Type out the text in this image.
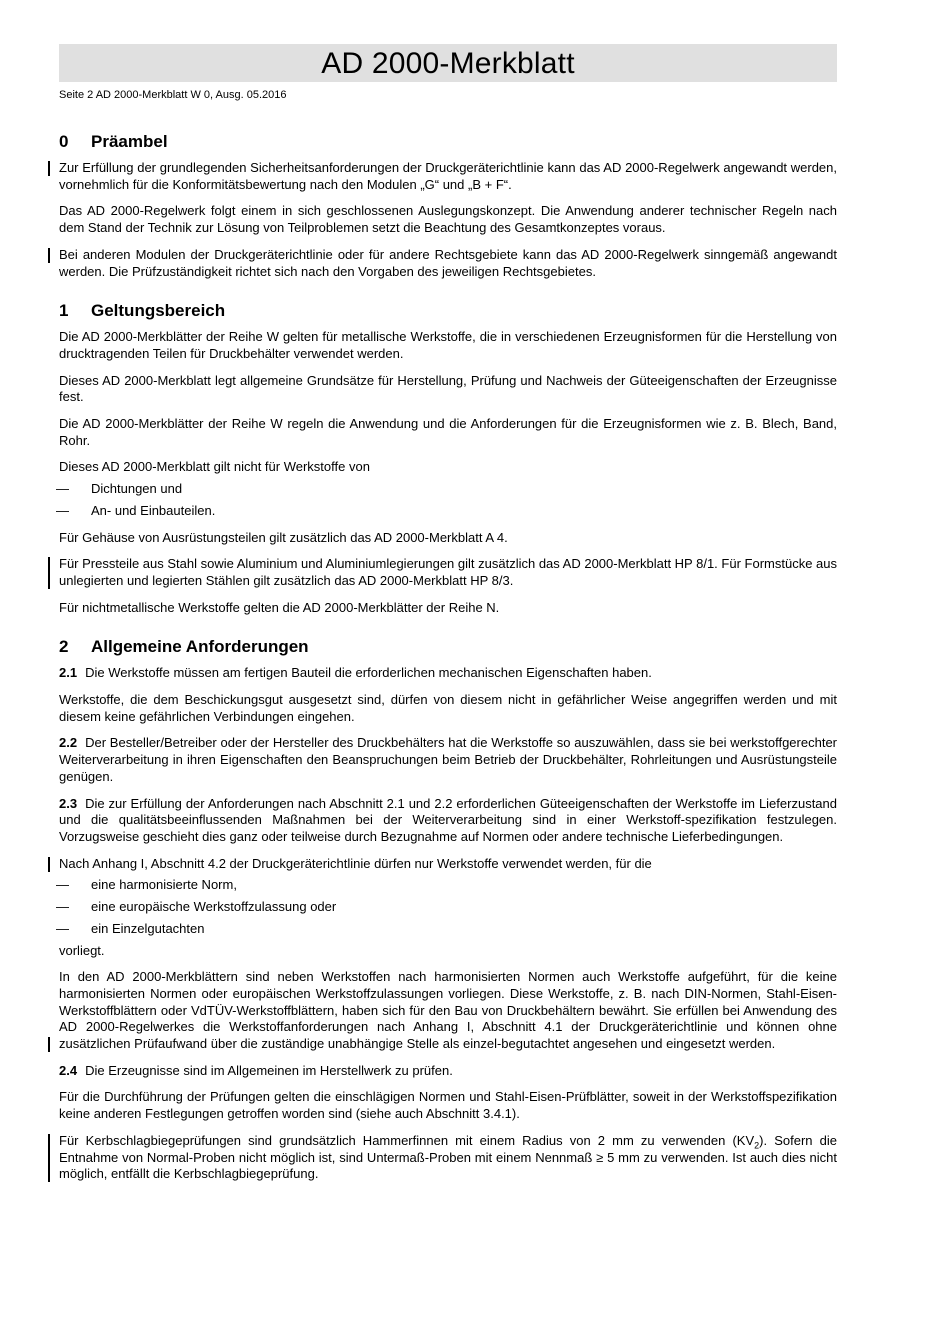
AD 2000-Merkblatt
Seite 2 AD 2000-Merkblatt W 0, Ausg. 05.2016
0 Präambel

Zur Erfüllung der grundlegenden Sicherheitsanforderungen der Druckgeräterichtlinie kann das AD 2000-Regelwerk angewandt werden, vornehmlich für die Konformitätsbewertung nach den Modulen „G“ und „B + F“.

Das AD 2000-Regelwerk folgt einem in sich geschlossenen Auslegungskonzept. Die Anwendung anderer technischer Regeln nach dem Stand der Technik zur Lösung von Teilproblemen setzt die Beachtung des Gesamtkonzeptes voraus.

Bei anderen Modulen der Druckgeräterichtlinie oder für andere Rechtsgebiete kann das AD 2000-Regelwerk sinngemäß angewandt werden. Die Prüfzuständigkeit richtet sich nach den Vorgaben des jeweiligen Rechtsgebietes.

1 Geltungsbereich

Die AD 2000-Merkblätter der Reihe W gelten für metallische Werkstoffe, die in verschiedenen Erzeugnisformen für die Herstellung von drucktragenden Teilen für Druckbehälter verwendet werden.

Dieses AD 2000-Merkblatt legt allgemeine Grundsätze für Herstellung, Prüfung und Nachweis der Güteeigenschaften der Erzeugnisse fest.

Die AD 2000-Merkblätter der Reihe W regeln die Anwendung und die Anforderungen für die Erzeugnisformen wie z. B. Blech, Band, Rohr.

Dieses AD 2000-Merkblatt gilt nicht für Werkstoffe von

— Dichtungen und
— An- und Einbauteilen.

Für Gehäuse von Ausrüstungsteilen gilt zusätzlich das AD 2000-Merkblatt A 4.

Für Pressteile aus Stahl sowie Aluminium und Aluminiumlegierungen gilt zusätzlich das AD 2000-Merkblatt HP 8/1. Für Formstücke aus unlegierten und legierten Stählen gilt zusätzlich das AD 2000-Merkblatt HP 8/3.

Für nichtmetallische Werkstoffe gelten die AD 2000-Merkblätter der Reihe N.

2 Allgemeine Anforderungen

2.1 Die Werkstoffe müssen am fertigen Bauteil die erforderlichen mechanischen Eigenschaften haben.

Werkstoffe, die dem Beschickungsgut ausgesetzt sind, dürfen von diesem nicht in gefährlicher Weise angegriffen werden und mit diesem keine gefährlichen Verbindungen eingehen.

2.2 Der Besteller/Betreiber oder der Hersteller des Druckbehälters hat die Werkstoffe so auszuwählen, dass sie bei werkstoffgerechter Weiterverarbeitung in ihren Eigenschaften den Beanspruchungen beim Betrieb der Druckbehälter, Rohrleitungen und Ausrüstungsteile genügen.

2.3 Die zur Erfüllung der Anforderungen nach Abschnitt 2.1 und 2.2 erforderlichen Güteeigenschaften der Werkstoffe im Lieferzustand und die qualitätsbeeinflussenden Maßnahmen bei der Weiterverarbeitung sind in einer Werkstoff-spezifikation festzulegen. Vorzugsweise geschieht dies ganz oder teilweise durch Bezugnahme auf Normen oder andere technische Lieferbedingungen.

Nach Anhang I, Abschnitt 4.2 der Druckgeräterichtlinie dürfen nur Werkstoffe verwendet werden, für die

— eine harmonisierte Norm,
— eine europäische Werkstoffzulassung oder
— ein Einzelgutachten

vorliegt.

In den AD 2000-Merkblättern sind neben Werkstoffen nach harmonisierten Normen auch Werkstoffe aufgeführt, für die keine harmonisierten Normen oder europäischen Werkstoffzulassungen vorliegen. Diese Werkstoffe, z. B. nach DIN-Normen, Stahl-Eisen-Werkstoffblättern oder VdTÜV-Werkstoffblättern, haben sich für den Bau von Druckbehältern bewährt. Sie erfüllen bei Anwendung des AD 2000-Regelwerkes die Werkstoffanforderungen nach Anhang I, Abschnitt 4.1 der Druckgeräterichtlinie und können ohne zusätzlichen Prüfaufwand über die zuständige unabhängige Stelle als einzel-begutachtet angesehen und eingesetzt werden.

2.4 Die Erzeugnisse sind im Allgemeinen im Herstellwerk zu prüfen.

Für die Durchführung der Prüfungen gelten die einschlägigen Normen und Stahl-Eisen-Prüfblätter, soweit in der Werkstoffspezifikation keine anderen Festlegungen getroffen worden sind (siehe auch Abschnitt 3.4.1).

Für Kerbschlagbiegeprüfungen sind grundsätzlich Hammerfinnen mit einem Radius von 2 mm zu verwenden $(KV_2)$. Sofern die Entnahme von Normal-Proben nicht möglich ist, sind Untermaß-Proben mit einem Nennmaß ≥ 5 mm zu verwenden. Ist auch dies nicht möglich, entfällt die Kerbschlagbiegeprüfung.
